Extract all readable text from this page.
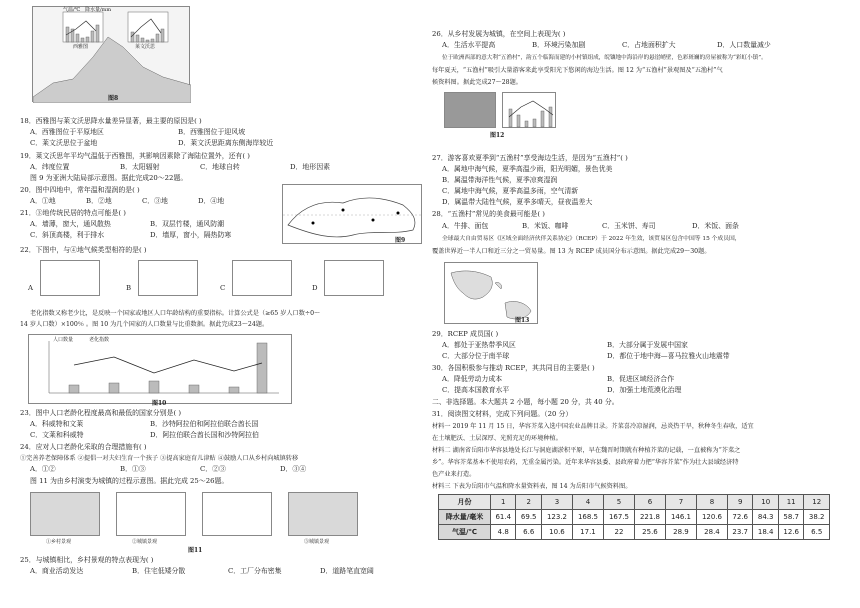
气温/℃ 降水量/mm
西雅图	莱文沃思
图8
18．西雅图与莱文沃思降水量差异显著，最主要的原因是( )
A．西雅图位于平原地区	B．西雅图位于迎风坡
C．莱文沃思位于盆地	D．莱文沃思距离东侧海岸较近
19．莱文沃思年平均气温低于西雅图，其影响因素除了海陆位置外，还有( )
A．纬度位置	B．太阳辐射	C．地球自转	D．地形因素
图 9 为亚洲大陆局部示意图。据此完成20～22题。
20．图中四地中，常年温和湿润的是( )
A．①地	B．②地	C．③地	D．④地
21．③地传统民居的特点可能是( )
A．墙薄，窗大，通风散热	B．双层竹楼，通风防潮
C．斜顶高楼，利于排水	D．墙厚，窗小，隔热防寒
图9
22．下图中，与④地气候类型相符的是( )
A	B	C	D
老化指数又称老少比，是反映一个国家或地区人口年龄结构的重要指标。计算公式是（≥65 岁人口数÷0～
14 岁人口数）×100％ 。图 10 为几个国家的人口数量与比重数据。据此完成23～24题。
人口数量	老化指数
图10
23．图中人口老龄化程度最高和最低的国家分别是( )
A．科威特和文莱	B．沙特阿拉伯和阿拉伯联合酋长国
C．文莱和科威特	D．阿拉伯联合酋长国和沙特阿拉伯
24．应对人口老龄化采取的合理措施有( )
①完善养老保障体系 ②提倡一对夫妇生育一个孩子 ③提高家庭育儿津贴 ④鼓励人口从乡村向城镇转移
A．①②	B．①③	C．②③	D．③④
图 11 为由乡村演变为城镇的过程示意图。据此完成 25～26题。
①乡村景观	②城镇景观	③城镇景观
图11
25．与城镇相比，乡村景观的特点表现为( )
A．商业活动发达	B．住宅低矮分散	C．工厂分布密集	D．道路笔直宽阔
26．从乡村发展为城镇，在空间上表现为( )
A．生活水平提高	B．环境污染加剧	C．占地面积扩大	D．人口数量减少
位于欧洲西部的意大利“五渔村”，韵五个临海而建的小村镇组成，皖镶地中海沿岸的悬崖峭壁，色彩斑斓的房屋被称为“彩虹小镇”。
每年夏天，“五渔村”吸引大量游客来此享受阳光下悠闲的海边生活。图 12 为“五渔村”景观图及“五渔村”气
候资料图。据此完成27～28题。
图12
27．游客喜欢夏季到“五渔村”享受海边生活，是因为“五渔村”( )
A．属地中海气候，夏季高温少雨，阳光明媚，景色优美
B．属温带海洋性气候，夏季凉爽湿润
C．属地中海气候，夏季高温多雨，空气清新
D．属温带大陆性气候，夏季多晴天，昼夜温差大
28．“五渔村”常见的美食最可能是( )
A．牛排、面包	B．米饭、咖啡	C．玉米饼、寿司	D．米饭、面条
全球最大自由贸易区《区域全面经济伙伴关系协定》（RCEP）于 2022 年生效，该贸易区包含中国等 15 个成员国，
覆盖世界近一半人口和近三分之一贸易量。图 13 为 RCEP 成员国分布示意图。据此完成29～30题。
图13
29．RCEP 成员国( )
A．都处于亚热带季风区	B．大部分属于发展中国家
C．大部分位于南半球	D．都位于地中海—喜马拉雅火山地震带
30．各国积极参与推动 RCEP，其共同目的主要是( )
A．降低劳动力成本	B．促进区域经济合作
C．提高本国教育水平	D．加强土地荒漠化治理
二、非选择题。本大题共 2 小题，每小题 20 分，共 40 分。
31．阅读图文材料，完成下列问题。（20 分）
材料一 2019 年 11 月 15 日，华容芥菜入选中国农业品牌目录。芥菜喜冷凉湿润，忌炎热干旱，秋种冬生春收，适宜
在土壤肥沃、土层深厚、光照充足的环境种植。
材料二 湖南省岳阳市华容县地处长江与洞庭湖淤积平原，早在魏晋时期就有种植芥菜的记载，一直被称为“芥菜之
乡”。华容芥菜基本不使用农药，无重金属污染。近年来华容县委、县政府着力把“华容芥菜”作为壮大县域经济特
色产业来打造。
材料三 下表为岳阳市气温和降水量资料表，图 14 为岳阳市气候资料图。
月份	1	2	3	4	5	6	7	8	9	10	11	12
降水量/毫米	61.4	69.5	123.2	168.5	167.5	221.8	146.1	120.6	72.6	84.3	58.7	38.2
气温/℃	4.8	6.6	10.6	17.1	22	25.6	28.9	28.4	23.7	18.4	12.6	6.5
